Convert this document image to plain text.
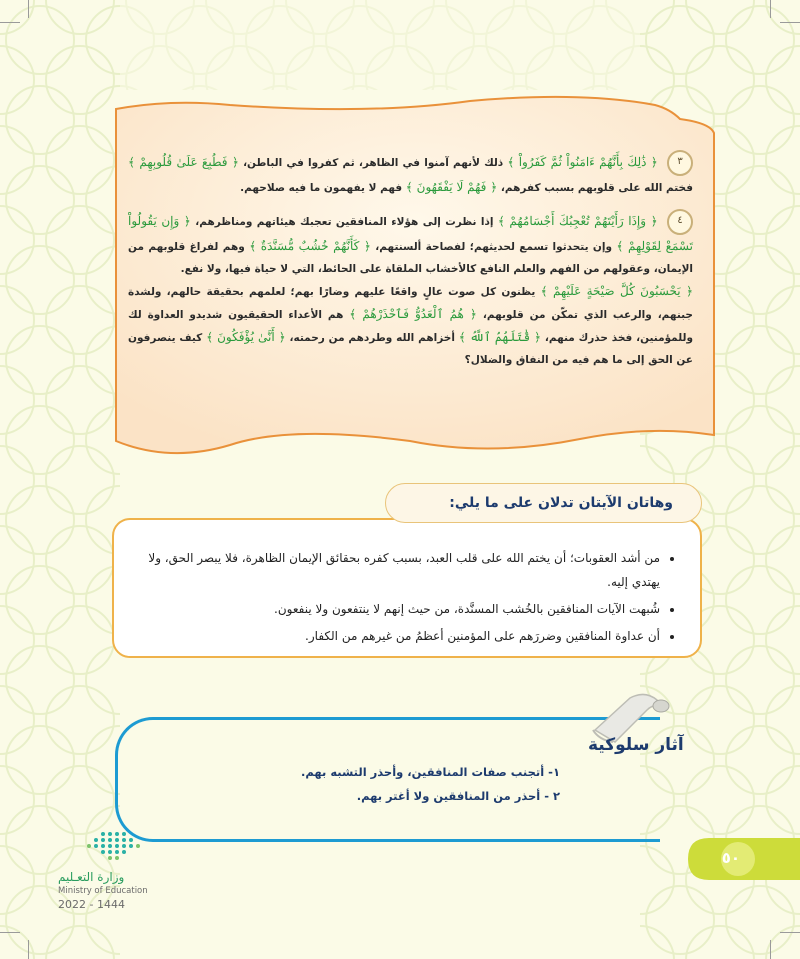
٣ ﴿ ذَٰلِكَ بِأَنَّهُمْ ءَامَنُواْ ثُمَّ كَفَرُواْ ﴾ ذلك لأنهم آمنوا في الظاهر، ثم كفروا في الباطن، ﴿ فَطُبِعَ عَلَىٰ قُلُوبِهِمْ ﴾ فختم الله على قلوبهم بسبب كفرهم، ﴿ فَهُمْ لَا يَفْقَهُونَ ﴾ فهم لا يفهمون ما فيه صلاحهم.

٤ ﴿ وَإِذَا رَأَيْتَهُمْ تُعْجِبُكَ أَجْسَامُهُمْ ﴾ إذا نظرت إلى هؤلاء المنافقين تعجبك هيئاتهم ومناظرهم، ﴿ وَإِن يَقُولُواْ تَسْمَعْ لِقَوْلِهِمْ ﴾ وإن يتحدثوا تسمع لحديثهم؛ لفصاحة ألسنتهم، ﴿ كَأَنَّهُمْ خُشُبٌ مُّسَنَّدَةٌ ﴾ وهم لفراغ قلوبهم من الإيمان، وعقولهم من الفهم والعلم النافع كالأخشاب الملقاة على الحائط، التي لا حياة فيها، ولا نفع.

﴿ يَحْسَبُونَ كُلَّ صَيْحَةٍ عَلَيْهِمْ ﴾ يظنون كل صوت عالٍ واقعًا عليهم وضارًا بهم؛ لعلمهم بحقيقة حالهم، ولشدة جبنهم، والرعب الذي تمكّن من قلوبهم، ﴿ هُمُ ٱلْعَدُوُّ فَٱحْذَرْهُمْ ﴾ هم الأعداء الحقيقيون شديدو العداوة لك وللمؤمنين، فخذ حذرك منهم، ﴿ قَٰتَلَهُمُ ٱللَّهُ ﴾ أخزاهم الله وطردهم من رحمته، ﴿ أَنَّىٰ يُؤْفَكُونَ ﴾ كيف ينصرفون عن الحق إلى ما هم فيه من النفاق والضلال؟

• من أشد العقوبات؛ أن يختم الله على قلب العبد، بسبب كفره بحقائق الإيمان الظاهرة، فلا يبصر الحق، ولا يهتدي إليه.
• شُبهت الآيات المنافقين بالخُشب المسنَّدة، من حيث إنهم لا ينتفعون ولا ينفعون.
• أن عداوة المنافقين وضررَهم على المؤمنين أعظمُ من غيرهم من الكفار.
وهاتان الآيتان تدلان على ما يلي:
آثار سلوكية
١- أتجنب صفات المنافقين، وأحذر التشبه بهم.
٢ - أحذر من المنافقين ولا أغتر بهم.
٥٠
وزارة التعـليم
Ministry of Education
2022 - 1444
